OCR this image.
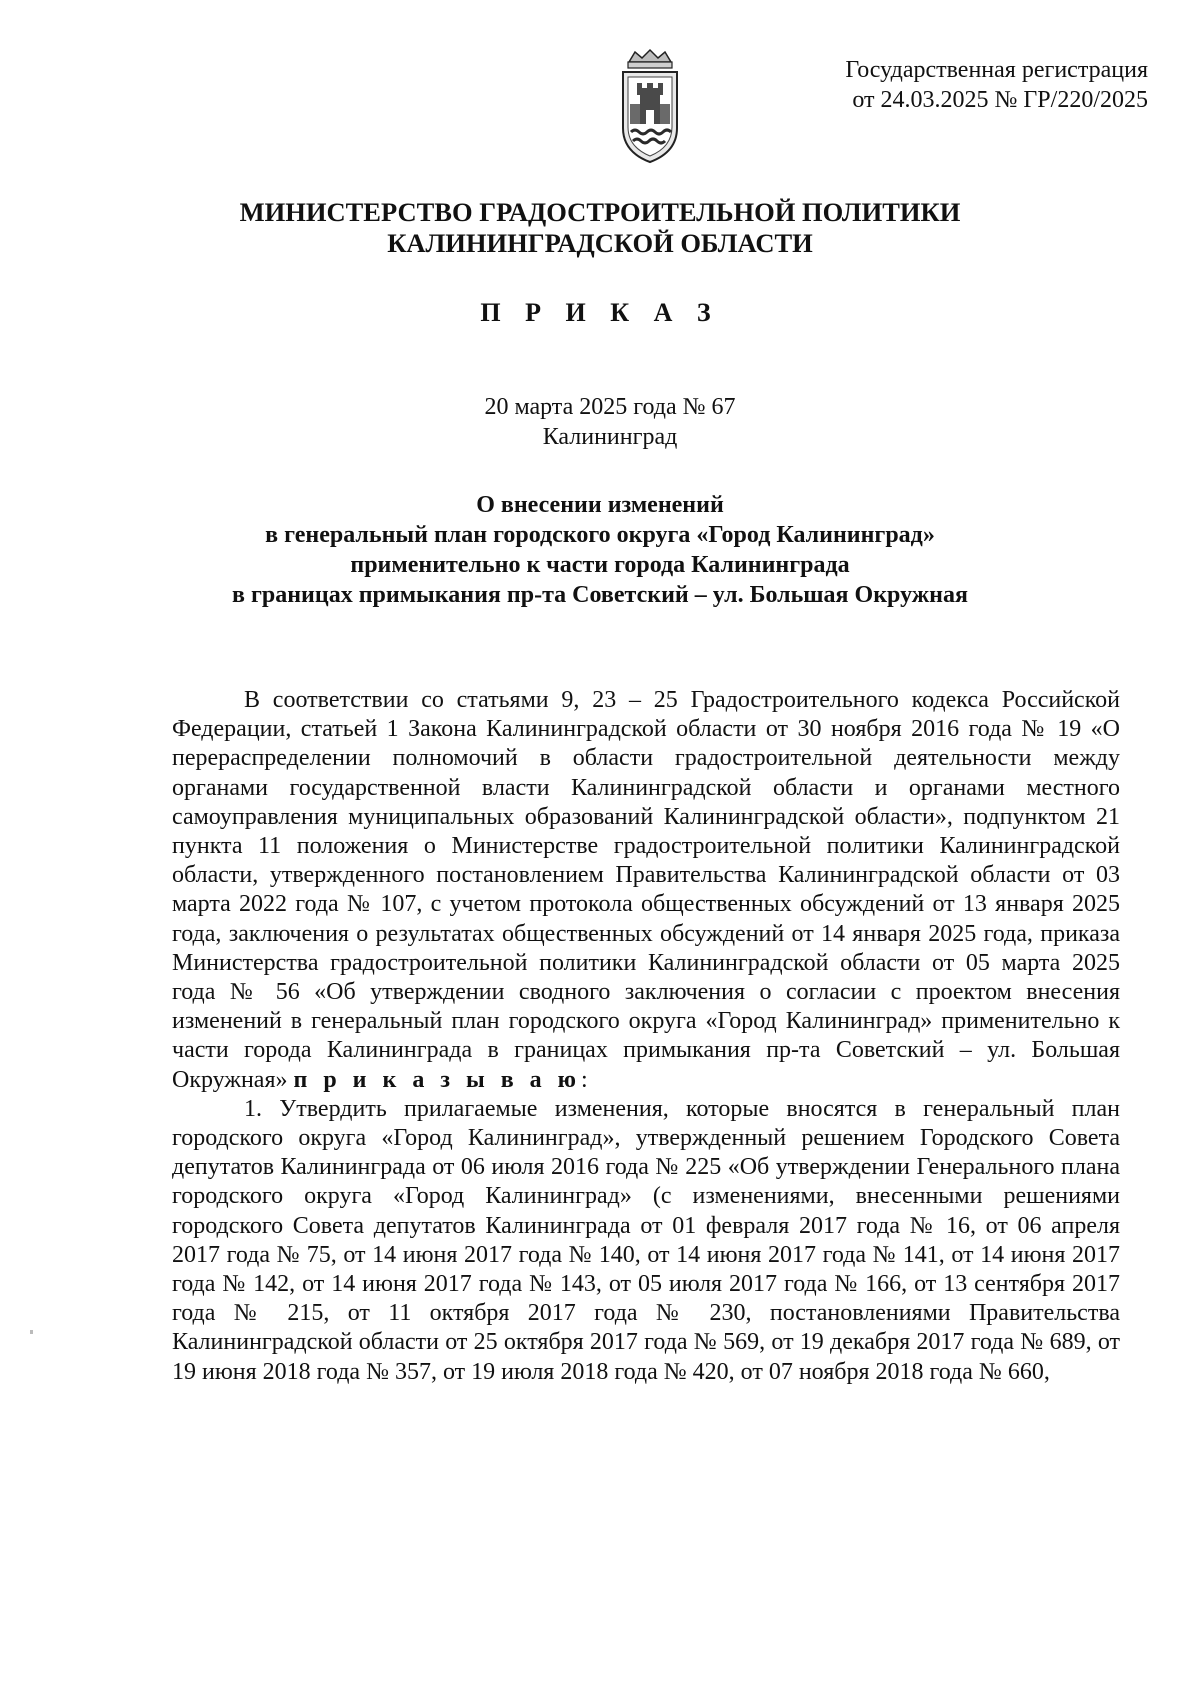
Государственная регистрация
от 24.03.2025 № ГР/220/2025
МИНИСТЕРСТВО ГРАДОСТРОИТЕЛЬНОЙ ПОЛИТИКИ
КАЛИНИНГРАДСКОЙ ОБЛАСТИ
П Р И К А З
20 марта 2025 года № 67
Калининград
О внесении изменений
в генеральный план городского округа «Город Калининград»
применительно к части города Калининграда
в границах примыкания пр-та Советский – ул. Большая Окружная

В соответствии со статьями 9, 23 – 25 Градостроительного кодекса Российской Федерации, статьей 1 Закона Калининградской области от 30 ноября 2016 года № 19 «О перераспределении полномочий в области градостроительной деятельности между органами государственной власти Калининградской области и органами местного самоуправления муниципальных образований Калининградской области», подпунктом 21 пункта 11 положения о Министерстве градостроительной политики Калининградской области, утвержденного постановлением Правительства Калининградской области от 03 марта 2022 года № 107, с учетом протокола общественных обсуждений от 13 января 2025 года, заключения о результатах общественных обсуждений от 14 января 2025 года, приказа Министерства градостроительной политики Калининградской области от 05 марта 2025 года № 56 «Об утверждении сводного заключения о согласии с проектом внесения изменений в генеральный план городского округа «Город Калининград» применительно к части города Калининграда в границах примыкания пр-та Советский – ул. Большая Окружная» п р и к а з ы в а ю:

1. Утвердить прилагаемые изменения, которые вносятся в генеральный план городского округа «Город Калининград», утвержденный решением Городского Совета депутатов Калининграда от 06 июля 2016 года № 225 «Об утверждении Генерального плана городского округа «Город Калининград» (с изменениями, внесенными решениями городского Совета депутатов Калининграда от 01 февраля 2017 года № 16, от 06 апреля 2017 года № 75, от 14 июня 2017 года № 140, от 14 июня 2017 года № 141, от 14 июня 2017 года № 142, от 14 июня 2017 года № 143, от 05 июля 2017 года № 166, от 13 сентября 2017 года № 215, от 11 октября 2017 года № 230, постановлениями Правительства Калининградской области от 25 октября 2017 года № 569, от 19 декабря 2017 года № 689, от 19 июня 2018 года № 357, от 19 июля 2018 года № 420, от 07 ноября 2018 года № 660,
